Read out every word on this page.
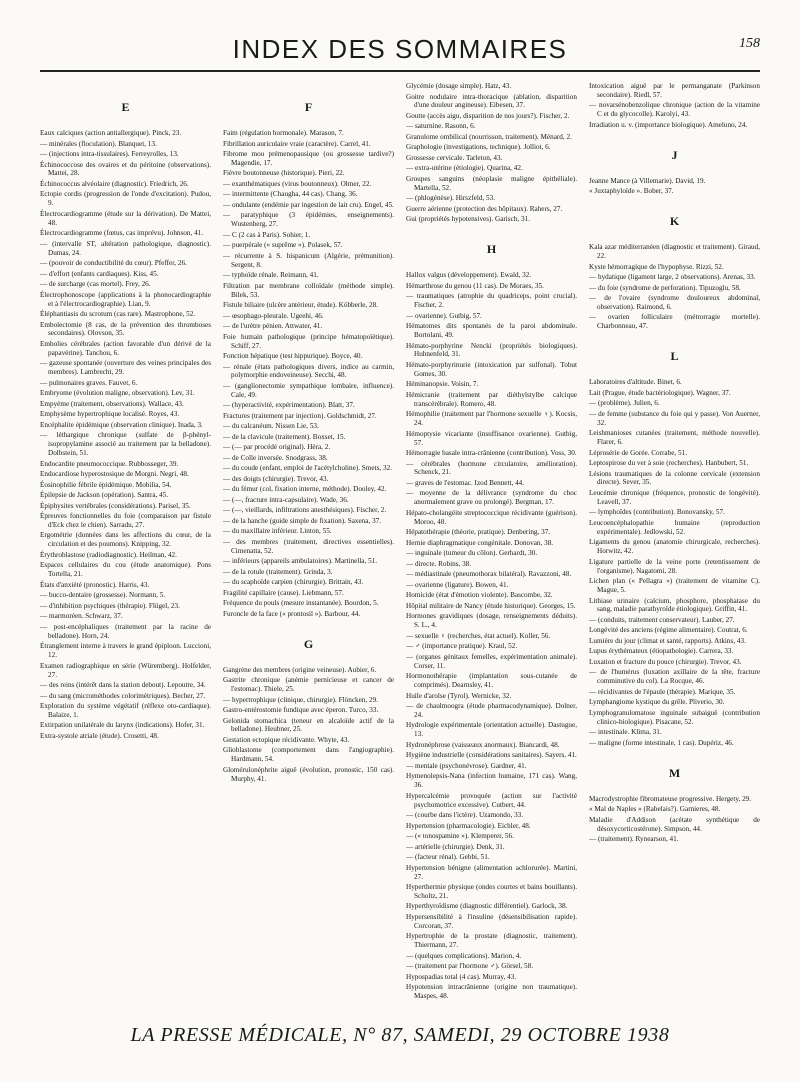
INDEX DES SOMMAIRES	158
E
Eaux calciques (action antiallergique). Pinck, 23.
— minérales (floculation). Blanquet, 13.
— (injections intra-tissulaires). Ferreyrolles, 13.
Échinococcose des ovaires et du péritoine (observations). Mattei, 28.
Échinococcus alvéolaire (diagnostic). Friedrich, 26.
Ectopie cordis (progression de l'onde d'excitation). Pudou, 9.
Électrocardiogramme (étude sur la dérivation). De Mattei, 48.
Électrocardiogramme (fœtus, cas imprévu). Johnson, 41.
— (intervalle ST, altération pathologique, diagnostic). Dumas, 24.
— (pouvoir de conductibilité du cœur). Pfeffer, 26.
— d'effort (enfants cardiaques). Kiss, 45.
— de surcharge (cas mortel). Frey, 26.
Électrophonoscope (applications à la phonocardiographie et à l'électrocardiographie). Lian, 9.
Éléphantiasis du scrotum (cas rare). Mastrophone, 52.
Embolectomie (8 cas, de la prévention des thromboses secondaires). Olovson, 35.
Embolies cérébrales (action favorable d'un dérivé de la papavérine). Tanchou, 6.
— gazeuse spontanée (ouverture des veines principales des membres). Lambrecht, 29.
— pulmonaires graves. Fauvet, 6.
Embryome (évolution maligne, observation). Lev, 31.
Empyème (traitement, observations). Wallace, 43.
Emphysème hypertrophique localisé. Royes, 43.
Encéphalite épidémique (observation clinique). Inada, 3.
— léthargique chronique (sulfate de β-phényl-isopropylamine associé au traitement par la belladone). Dolbstein, 51.
Endocardite pneumococcique. Rubbosseger, 39.
Endocardiose hyperostosique de Morgni. Negri, 48.
Éosinophilie fébrile épidémique. Mobilia, 54.
Épilepsie de Jackson (opération). Santra, 45.
Épiphysites vertébrales (considérations). Parisel, 35.
Épreuves fonctionnelles du foie (comparaison par fistule d'Eck chez le chien). Sarradu, 27.
Ergométrie (données dans les affections du cœur, de la circulation et des poumons). Knipping, 32.
Érythroblastose (radiodiagnostic). Heilman, 42.
Espaces cellulaires du cou (étude anatomique). Pons Tortella, 21.
États d'anxiété (pronostic). Harris, 43.
— bucco-dentaire (grossesse). Normann, 5.
— d'inhibition psychiques (thérapie). Flügel, 23.
— marmoréen. Schwarz, 37.
— post-encéphaliques (traitement par la racine de belladone). Horn, 24.
Étranglement interne à travers le grand épiploon. Luccioni, 12.
Examen radiographique en série (Würemberg). Holfelder, 27.
— des reins (intérêt dans la station debout). Lepoutre, 34.
— du sang (microméthodes colorimétriques). Becher, 27.
Exploration du système végétatif (réflexe oto-cardiaque). Balaize, 1.
Extirpation unilatérale du larynx (indications). Hofer, 31.
Extra-systole atriale (étude). Crosetti, 48.
F
Faim (régulation hormonale). Marason, 7.
Fibrillation auriculaire vraie (caractère). Carrel, 41.
Fibrome mou prémenopausique (ou grossesse tardive?) Magendie, 17.
Fièvre boutonneuse (historique). Pieri, 22.
— exanthématiques (virus boutonneux). Olmer, 22.
— intermittente (Chaugha, 44 cas). Chang, 36.
— ondulante (endémie par ingestion de lait cru). Engel, 45.
— paratyphique (3 épidémies, enseignements). Wustenberg, 27.
— C (2 cas à Paris). Sohier, 1.
— puerpérale (« suprême »). Polasek, 57.
— récurrente à S. hispanicum (Algérie, prémunition). Sergent, 8.
— typhoïde rénale. Reimann, 41.
Filtration par membrane colloïdale (méthode simple). Bilek, 53.
Fistule biliaire (ulcère antérieur, étude). Köbberle, 28.
— œsophago-pleurale. Ugeehi, 46.
— de l'urètre pénien. Attwater, 41.
Foie humain pathologique (principe hématopoïétique). Schiff, 27.
Fonction hépatique (test hippurique). Boyce, 40.
— rénale (états pathologiques divers, indice au carmin, polymorphie endoveineuse). Secchi, 48.
— (ganglionectomie sympathique lombaire, influence). Cale, 49.
— (hyperactivité, expérimentation). Blatt, 37.
Fractures (traitement par injection). Goldschmidt, 27.
— du calcanéum. Nissen Lie, 53.
— de la clavicule (traitement). Boxset, 15.
— (— par procédé original). Héra, 2.
— de Colle inversée. Snodgrass, 38.
— du coude (enfant, emploi de l'acétylcholine). Smets, 32.
— des doigts (chirurgie). Trevor, 43.
— du fémur (col, fixation interne, méthode). Dooley, 42.
— (—, fracture intra-capsulaire). Wade, 36.
— (—, vieillards, infiltrations anesthésiques). Fischer, 2.
— de la hanche (guide simple de fixation). Saxena, 37.
— du maxillaire inférieur. Linton, 55.
— des membres (traitement, directives essentielles). Cimenatta, 52.
— inférieurs (appareils ambulatoires). Martinella, 51.
— de la rotule (traitement). Grinda, 3.
— du scaphoïde carpien (chirurgie). Brittain, 43.
Fragilité capillaire (cause). Liebmann, 57.
Fréquence du pouls (mesure instantanée). Bourdon, 5.
Furoncle de la face (« prontosil »). Barbour, 44.
G
Gangrène des membres (origine veineuse). Aubier, 6.
Gastrite chronique (anémie pernicieuse et cancer de l'estomac). Thiele, 25.
— hypertrophique (clinique, chirurgie). Flöncken, 29.
Gastro-entérostomie fundique avec éperon. Turco, 33.
Gelonida stomachica (teneur en alcaloïde actif de la belladone). Heubner, 25.
Gestation ectopique récidivante. Whyte, 43.
Glioblastome (comportement dans l'angiographie). Hardmann, 54.
Glomérulonéphrite aiguë (évolution, pronostic, 150 cas). Murphy, 41.
Glycémie (dosage simple). Hatz, 43.
Goitre nodulaire intra-thoracique (ablation, disparition d'une douleur angineuse). Eibesen, 37.
Goutte (accès aigu, disparition de nos jours?). Fischer, 2.
— saturnine. Rasonn, 6.
Granulome ombilical (nourrisson, traitement). Ménard, 2.
Graphologie (investigations, technique). Jolliot, 6.
Grossesse cervicale. Tarleton, 43.
— extra-utérine (étiologie). Quarina, 42.
Groupes sanguins (néoplasie maligne épithéliale). Martella, 52.
— (phlogénèse). Hirszfeld, 53.
Guerre aérienne (protection des hôpitaux). Rahers, 27.
Gui (propriétés hypotensives). Garisch, 31.
H
Hallux valgus (développement). Ewald, 32.
Hémarthrose du genou (11 cas). De Moraes, 35.
— traumatiques (atrophie du quadriceps, point crucial). Fischer, 2.
— ovarienne). Gutbig, 57.
Hématomes dits spontanés de la paroi abdominale. Bortolani, 49.
Hémato-porphyrine Nencki (propriétés biologiques). Huhnenfeld, 31.
Hémato-porphyrinurie (intoxication par sulfonal). Tobut Gomes, 30.
Héminanopsie. Voisin, 7.
Hémicranie (traitement par diéthylstylbe calcique transcérébrale). Romero, 48.
Hémophilie (traitement par l'hormone sexuelle ♀). Kocsis, 24.
Hémoptysie vicariante (insuffisance ovarienne). Gutbig, 57.
Hémorragie basale intra-crânienne (contribution). Voss, 30.
— cérébrales (hormone circulatoire, amélioration). Schenck, 21.
— graves de l'estomac. Izod Bennett, 44.
— moyenne de la délivrance (syndrome du choc anormalement grave ou prolongé). Bergman, 17.
Hépato-cholangéite streptococcique récidivante (guérison). Moroo, 48.
Hépatothérapie (théorie, pratique). Denbering, 37.
Hernie diaphragmatique congénitale. Donovan, 38.
— inguinale (tumeur du côlon). Gerhardt, 30.
— directe. Robins, 38.
— médiastinale (pneumothorax bilatéral). Ravazzoni, 48.
— ovarienne (ligature). Bowen, 41.
Homicide (état d'émotion violente). Bascombe, 32.
Hôpital militaire de Nancy (étude historique). Georges, 15.
Hormones gravidiques (dosage, renseignements déduits). S. L., 4.
— sexuelle ♀ (recherches, état actuel). Koller, 56.
— ♂ (importance pratique). Kraul, 52.
— (organes génitaux femelles, expérimentation animale). Corser, 11.
Hormonothérapie (implantation sous-cutanée de comprimés). Dearnsley, 41.
Huile d'arolse (Tyrol). Wernicke, 32.
— de chaulmoogra (étude pharmacodynamique). Dolner, 24.
Hydrologie expérimentale (orientation actuelle). Dastugue, 13.
Hydronéphrose (vaisseaux anormaux). Biancardi, 48.
Hygiène industrielle (considérations sanitaires). Sayers, 41.
— mentale (psychonévrose). Gardner, 41.
Hymenolepsis-Nana (infection humaine, 171 cas). Wang, 36.
Hypercalcémie provoquée (action sur l'activité psychomotrice excessive). Cutbert, 44.
— (courbe dans l'ictère). Uzamondo, 33.
Hypertension (pharmacologie). Eichler, 48.
— (« tonospamine »). Klemperer, 56.
— artérielle (chirurgie). Denk, 31.
— (facteur rénal). Gebbi, 51.
Hypertension bénigne (alimentation achlorurée). Martini, 27.
Hyperthermie physique (ondes courtes et bains bouillants). Scholtz, 21.
Hyperthyroïdisme (diagnostic différentiel). Garlock, 38.
Hypersensibilité à l'insuline (désensibilisation rapide). Corcoran, 37.
Hypertrophie de la prostate (diagnostic, traitement). Thiermann, 27.
— (quelques complications). Marion, 4.
— (traitement par l'hormone ♂). Görsel, 58.
Hypospadias total (4 cas). Murray, 43.
Hypotension intracrânienne (origine non traumatique). Maspes, 48.
Intoxication aiguë par le permanganate (Parkinson secondaire). Riedl, 57.
— novarsénobenzolique chronique (action de la vitamine C et du glycocolle). Karolyi, 43.
Irradiation u. v. (importance biologique). Ameluno, 24.
J
Jeanne Mance (à Villemarie). David, 19.
« Juxtaphyloïde ». Bober, 37.
K
Kala azar méditerranéen (diagnostic et traitement). Giraud, 22.
Kyste hémorragique de l'hypophyse. Rizzi, 52.
— hydatique (ligament large, 2 observations). Arenas, 33.
— du foie (syndrome de perforation). Tipuzoglu, 58.
— de l'ovaire (syndrome douloureux abdominal, observation). Raimond, 6.
— ovarien folliculaire (métrorragie mortelle). Charbonneau, 47.
L
Laboratoires d'altitude. Binet, 6.
Lait (Prague, étude bactériologique). Wagner, 37.
— (problème). Julien, 6.
— de femme (substance du foie qui y passe). Von Auerner, 32.
Leishmanioses cutanées (traitement, méthode nouvelle). Flarer, 6.
Léprosérie de Gorée. Corrabe, 51.
Leptospirose du ver à soie (recherches). Hanbubert, 51.
Lésions traumatiques de la colonne cervicale (extension directe). Sever, 35.
Leucémie chronique (fréquence, pronostic de longévité). Leavell, 37.
— lymphoïdes (contribution). Bonovansky, 57.
Leucoencéphalopathie humaine (reproduction expérimentale). Jedlowski, 52.
Ligaments du genou (anatomie chirurgicale, recherches). Horwitz, 42.
Ligature partielle de la veine porte (retentissement de l'organisme). Nagatomi, 28.
Lichen plan (« Pellagra ») (traitement de vitamine C). Mague, 5.
Lithiase urinaire (calcium, phosphore, phosphatase du sang, maladie parathyroïde étiologique). Griffin, 41.
— (conduits, traitement conservateur). Lauber, 27.
Longévité des anciens (régime alimentaire). Coutrat, 6.
Lumière du jour (climat et santé, rapports). Atkins, 43.
Lupus érythémateux (étiopathologie). Carrera, 33.
Luxation et fracture du pouce (chirurgie). Trevor, 43.
— de l'humérus (luxation axillaire de la tête, fracture comminutive du col). La Rocque, 46.
— récidivantes de l'épaule (thérapie). Marique, 35.
Lymphangiome kystique du grêle. Pliverio, 30.
Lymphogranulomatose inguinale subaiguë (contribution clinico-biologique). Pisacane, 52.
— intestinale. Klima, 31.
— maligne (forme intestinale, 1 cas). Dupériz, 46.
M
Macrodystrophie fibromateuse progressive. Hergety, 29.
« Mal de Naples » (Rabelais?). Garnieres, 48.
Maladie d'Addison (acétate synthétique de désoxycorticostérone). Simpson, 44.
— (traitement). Rynearson, 41.
LA PRESSE MÉDICALE, N° 87, SAMEDI, 29 OCTOBRE 1938
